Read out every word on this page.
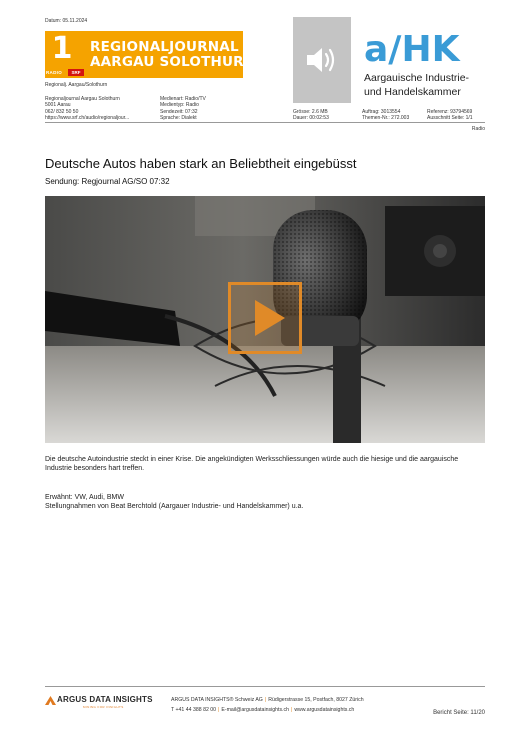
Datum: 05.11.2024
1
RADIO	SRF
REGIONALJOURNAL
AARGAU SOLOTHURN
Regionalj. Aargau/Solothurn
Regionaljournal Aargau Solothurn
5001 Aarau
062/ 832 50 50
https://www.srf.ch/audio/regionaljour...
Medienart: Radio/TV
Medientyp: Radio
Sendezeit: 07:32
Sprache: Dialekt

Grösse: 2.6 MB
Dauer: 00:02:53

Auftrag: 3013554
Themen-Nr.: 272.003

Referenz: 93794569
Ausschnitt Seite: 1/1
a/HK
Aargauische Industrie-
und Handelskammer
Radio
Deutsche Autos haben stark an Beliebtheit eingebüsst
Sendung: Regjournal AG/SO 07:32
Die deutsche Autoindustrie steckt in einer Krise. Die angekündigten Werksschliessungen würde auch die hiesige und die aargauische Industrie besonders hart treffen.
Erwähnt: VW, Audi, BMW
Stellungnahmen von Beat Berchtold (Aargauer Industrie- und Handelskammer) u.a.
ARGUS DATA INSIGHTS
MINING FOR INSIGHTS
ARGUS DATA INSIGHTS® Schweiz AG | Rüdigerstrasse 15, Postfach, 8027 Zürich
T +41 44 388 82 00 | E-mail@argusdatainsights.ch | www.argusdatainsights.ch	Bericht Seite: 11/20
